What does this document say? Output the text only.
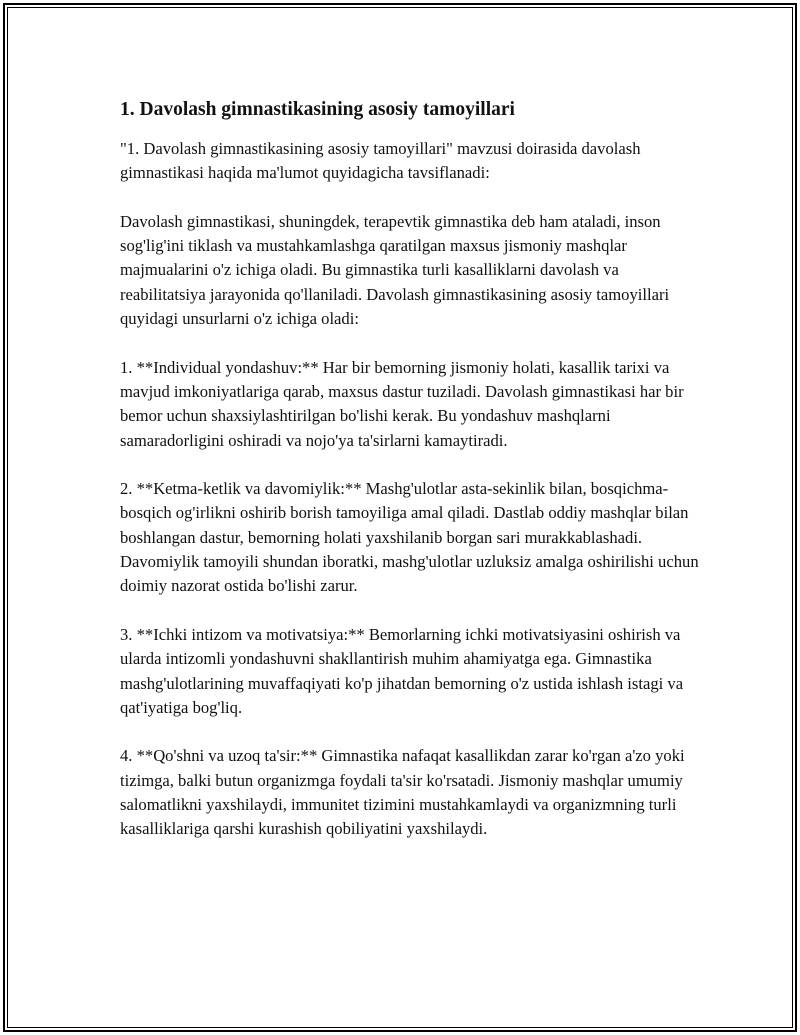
1. Davolash gimnastikasining asosiy tamoyillari

"1. Davolash gimnastikasining asosiy tamoyillari" mavzusi doirasida davolash gimnastikasi haqida ma'lumot quyidagicha tavsiflanadi:

Davolash gimnastikasi, shuningdek, terapevtik gimnastika deb ham ataladi, inson sog'lig'ini tiklash va mustahkamlashga qaratilgan maxsus jismoniy mashqlar majmualarini o'z ichiga oladi. Bu gimnastika turli kasalliklarni davolash va reabilitatsiya jarayonida qo'llaniladi. Davolash gimnastikasining asosiy tamoyillari quyidagi unsurlarni o'z ichiga oladi:

1. **Individual yondashuv:** Har bir bemorning jismoniy holati, kasallik tarixi va mavjud imkoniyatlariga qarab, maxsus dastur tuziladi. Davolash gimnastikasi har bir bemor uchun shaxsiylashtirilgan bo'lishi kerak. Bu yondashuv mashqlarni samaradorligini oshiradi va nojo'ya ta'sirlarni kamaytiradi.

2. **Ketma-ketlik va davomiylik:** Mashg'ulotlar asta-sekinlik bilan, bosqichma-bosqich og'irlikni oshirib borish tamoyiliga amal qiladi. Dastlab oddiy mashqlar bilan boshlangan dastur, bemorning holati yaxshilanib borgan sari murakkablashadi. Davomiylik tamoyili shundan iboratki, mashg'ulotlar uzluksiz amalga oshirilishi uchun doimiy nazorat ostida bo'lishi zarur.

3. **Ichki intizom va motivatsiya:** Bemorlarning ichki motivatsiyasini oshirish va ularda intizomli yondashuvni shakllantirish muhim ahamiyatga ega. Gimnastika mashg'ulotlarining muvaffaqiyati ko'p jihatdan bemorning o'z ustida ishlash istagi va qat'iyatiga bog'liq.

4. **Qo'shni va uzoq ta'sir:** Gimnastika nafaqat kasallikdan zarar ko'rgan a'zo yoki tizimga, balki butun organizmga foydali ta'sir ko'rsatadi. Jismoniy mashqlar umumiy salomatlikni yaxshilaydi, immunitet tizimini mustahkamlaydi va organizmning turli kasalliklariga qarshi kurashish qobiliyatini yaxshilaydi.
